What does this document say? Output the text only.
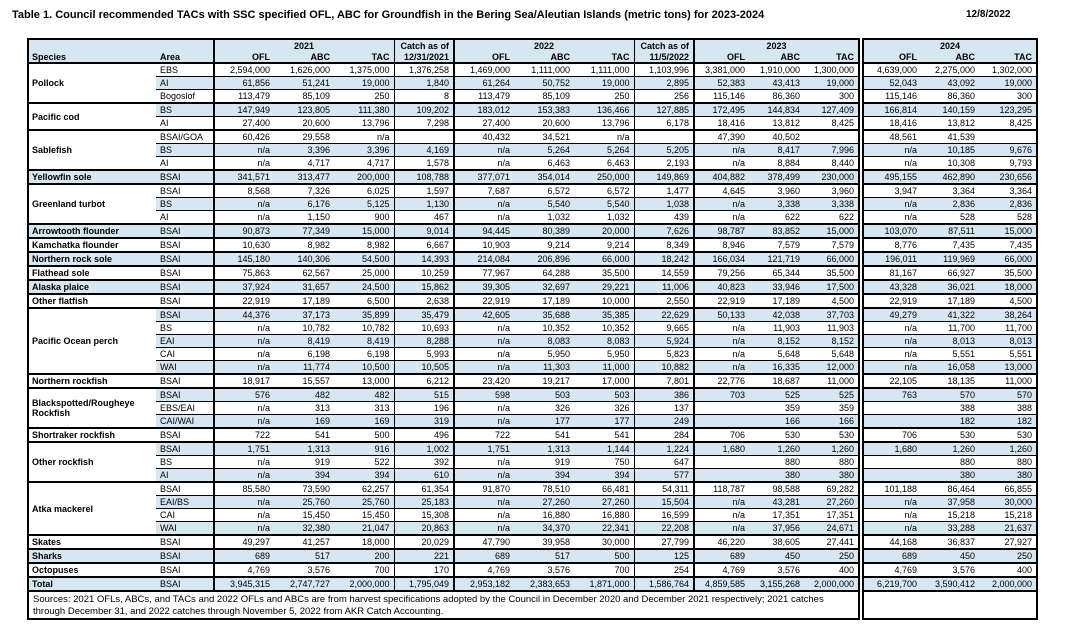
Table 1. Council recommended TACs with SSC specified OFL, ABC for Groundfish in the Bering Sea/Aleutian Islands (metric tons) for 2023-2024	12/8/2022
Species	Area		2021		Catch as of		2022		Catch as of		2023				2024	
		OFL	ABC	TAC	12/31/2021	OFL	ABC	TAC	11/5/2022	OFL	ABC	TAC		OFL	ABC	TAC
Pollock	EBS	2,594,000	1,626,000	1,375,000	1,376,258	1,469,000	1,111,000	1,111,000	1,103,996	3,381,000	1,910,000	1,300,000		4,639,000	2,275,000	1,302,000
	AI	61,856	51,241	19,000	1,840	61,264	50,752	19,000	2,895	52,383	43,413	19,000		52,043	43,092	19,000
	Bogoslof	113,479	85,109	250	8	113,479	85,109	250	256	115,146	86,360	300		115,146	86,360	300
Pacific cod	BS	147,949	123,805	111,380	109,202	183,012	153,383	136,466	127,885	172,495	144,834	127,409		166,814	140,159	123,295
	AI	27,400	20,600	13,796	7,298	27,400	20,600	13,796	6,178	18,416	13,812	8,425		18,416	13,812	8,425
Sablefish	BSAI/GOA	60,426	29,558	n/a		40,432	34,521	n/a		47,390	40,502			48,561	41,539	
	BS	n/a	3,396	3,396	4,169	n/a	5,264	5,264	5,205	n/a	8,417	7,996		n/a	10,185	9,676
	AI	n/a	4,717	4,717	1,578	n/a	6,463	6,463	2,193	n/a	8,884	8,440		n/a	10,308	9,793
Yellowfin sole	BSAI	341,571	313,477	200,000	108,788	377,071	354,014	250,000	149,869	404,882	378,499	230,000		495,155	462,890	230,656
Greenland turbot	BSAI	8,568	7,326	6,025	1,597	7,687	6,572	6,572	1,477	4,645	3,960	3,960		3,947	3,364	3,364
	BS	n/a	6,176	5,125	1,130	n/a	5,540	5,540	1,038	n/a	3,338	3,338		n/a	2,836	2,836
	AI	n/a	1,150	900	467	n/a	1,032	1,032	439	n/a	622	622		n/a	528	528
Arrowtooth flounder	BSAI	90,873	77,349	15,000	9,014	94,445	80,389	20,000	7,626	98,787	83,852	15,000		103,070	87,511	15,000
Kamchatka flounder	BSAI	10,630	8,982	8,982	6,667	10,903	9,214	9,214	8,349	8,946	7,579	7,579		8,776	7,435	7,435
Northern rock sole	BSAI	145,180	140,306	54,500	14,393	214,084	206,896	66,000	18,242	166,034	121,719	66,000		196,011	119,969	66,000
Flathead sole	BSAI	75,863	62,567	25,000	10,259	77,967	64,288	35,500	14,559	79,256	65,344	35,500		81,167	66,927	35,500
Alaska plaice	BSAI	37,924	31,657	24,500	15,862	39,305	32,697	29,221	11,006	40,823	33,946	17,500		43,328	36,021	18,000
Other flatfish	BSAI	22,919	17,189	6,500	2,638	22,919	17,189	10,000	2,550	22,919	17,189	4,500		22,919	17,189	4,500
Pacific Ocean perch	BSAI	44,376	37,173	35,899	35,479	42,605	35,688	35,385	22,629	50,133	42,038	37,703		49,279	41,322	38,264
	BS	n/a	10,782	10,782	10,693	n/a	10,352	10,352	9,665	n/a	11,903	11,903		n/a	11,700	11,700
	EAI	n/a	8,419	8,419	8,288	n/a	8,083	8,083	5,924	n/a	8,152	8,152		n/a	8,013	8,013
	CAI	n/a	6,198	6,198	5,993	n/a	5,950	5,950	5,823	n/a	5,648	5,648		n/a	5,551	5,551
	WAI	n/a	11,774	10,500	10,505	n/a	11,303	11,000	10,882	n/a	16,335	12,000		n/a	16,058	13,000
Northern rockfish	BSAI	18,917	15,557	13,000	6,212	23,420	19,217	17,000	7,801	22,776	18,687	11,000		22,105	18,135	11,000
Blackspotted/Rougheye Rockfish	BSAI	576	482	482	515	598	503	503	386	703	525	525		763	570	570
	EBS/EAI	n/a	313	313	196	n/a	326	326	137		359	359			388	388
	CAI/WAI	n/a	169	169	319	n/a	177	177	249		166	166			182	182
Shortraker rockfish	BSAI	722	541	500	496	722	541	541	284	706	530	530		706	530	530
Other rockfish	BSAI	1,751	1,313	916	1,002	1,751	1,313	1,144	1,224	1,680	1,260	1,260		1,680	1,260	1,260
	BS	n/a	919	522	392	n/a	919	750	647		880	880			880	880
	AI	n/a	394	394	610	n/a	394	394	577		380	380			380	380
Atka mackerel	BSAI	85,580	73,590	62,257	61,354	91,870	78,510	66,481	54,311	118,787	98,588	69,282		101,188	86,464	66,855
	EAI/BS	n/a	25,760	25,760	25,183	n/a	27,260	27,260	15,504	n/a	43,281	27,260		n/a	37,958	30,000
	CAI	n/a	15,450	15,450	15,308	n/a	16,880	16,880	16,599	n/a	17,351	17,351		n/a	15,218	15,218
	WAI	n/a	32,380	21,047	20,863	n/a	34,370	22,341	22,208	n/a	37,956	24,671		n/a	33,288	21,637
Skates	BSAI	49,297	41,257	18,000	20,029	47,790	39,958	30,000	27,799	46,220	38,605	27,441		44,168	36,837	27,927
Sharks	BSAI	689	517	200	221	689	517	500	125	689	450	250		689	450	250
Octopuses	BSAI	4,769	3,576	700	170	4,769	3,576	700	254	4,769	3,576	400		4,769	3,576	400
Total	BSAI	3,945,315	2,747,727	2,000,000	1,795,049	2,953,182	2,383,653	1,871,000	1,586,764	4,859,585	3,155,268	2,000,000		6,219,700	3,590,412	2,000,000
Sources: 2021 OFLs, ABCs, and TACs and 2022 OFLs and ABCs are from harvest specifications adopted by the Council in December 2020 and December 2021 respectively; 2021 catches through December 31, and 2022 catches through November 5, 2022 from AKR Catch Accounting.																
